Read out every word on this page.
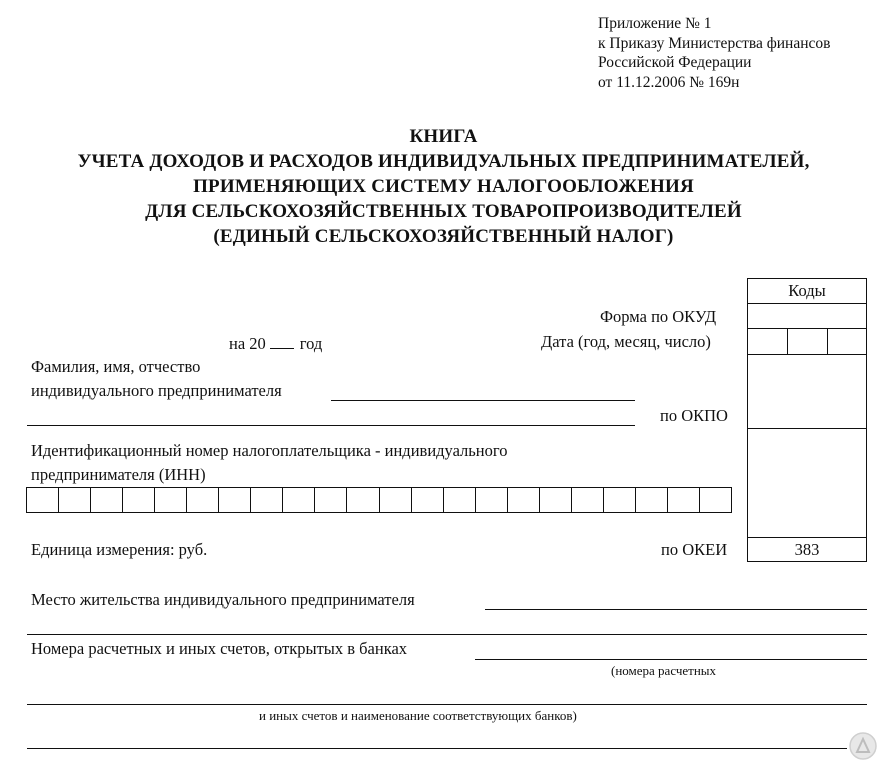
Приложение № 1
к Приказу Министерства финансов
Российской Федерации
от 11.12.2006 № 169н
КНИГА
УЧЕТА ДОХОДОВ И РАСХОДОВ ИНДИВИДУАЛЬНЫХ ПРЕДПРИНИМАТЕЛЕЙ,
ПРИМЕНЯЮЩИХ СИСТЕМУ НАЛОГООБЛОЖЕНИЯ
ДЛЯ СЕЛЬСКОХОЗЯЙСТВЕННЫХ ТОВАРОПРОИЗВОДИТЕЛЕЙ
(ЕДИНЫЙ СЕЛЬСКОХОЗЯЙСТВЕННЫЙ НАЛОГ)
Коды
383
Форма по ОКУД
на 20 год	Дата (год, месяц, число)
Фамилия, имя, отчество
индивидуального предпринимателя
по ОКПО
Идентификационный номер налогоплательщика - индивидуального
предпринимателя (ИНН)
Единица измерения: руб.	по ОКЕИ
Место жительства индивидуального предпринимателя
Номера расчетных и иных счетов, открытых в банках
(номера расчетных
и иных счетов и наименование соответствующих банков)
